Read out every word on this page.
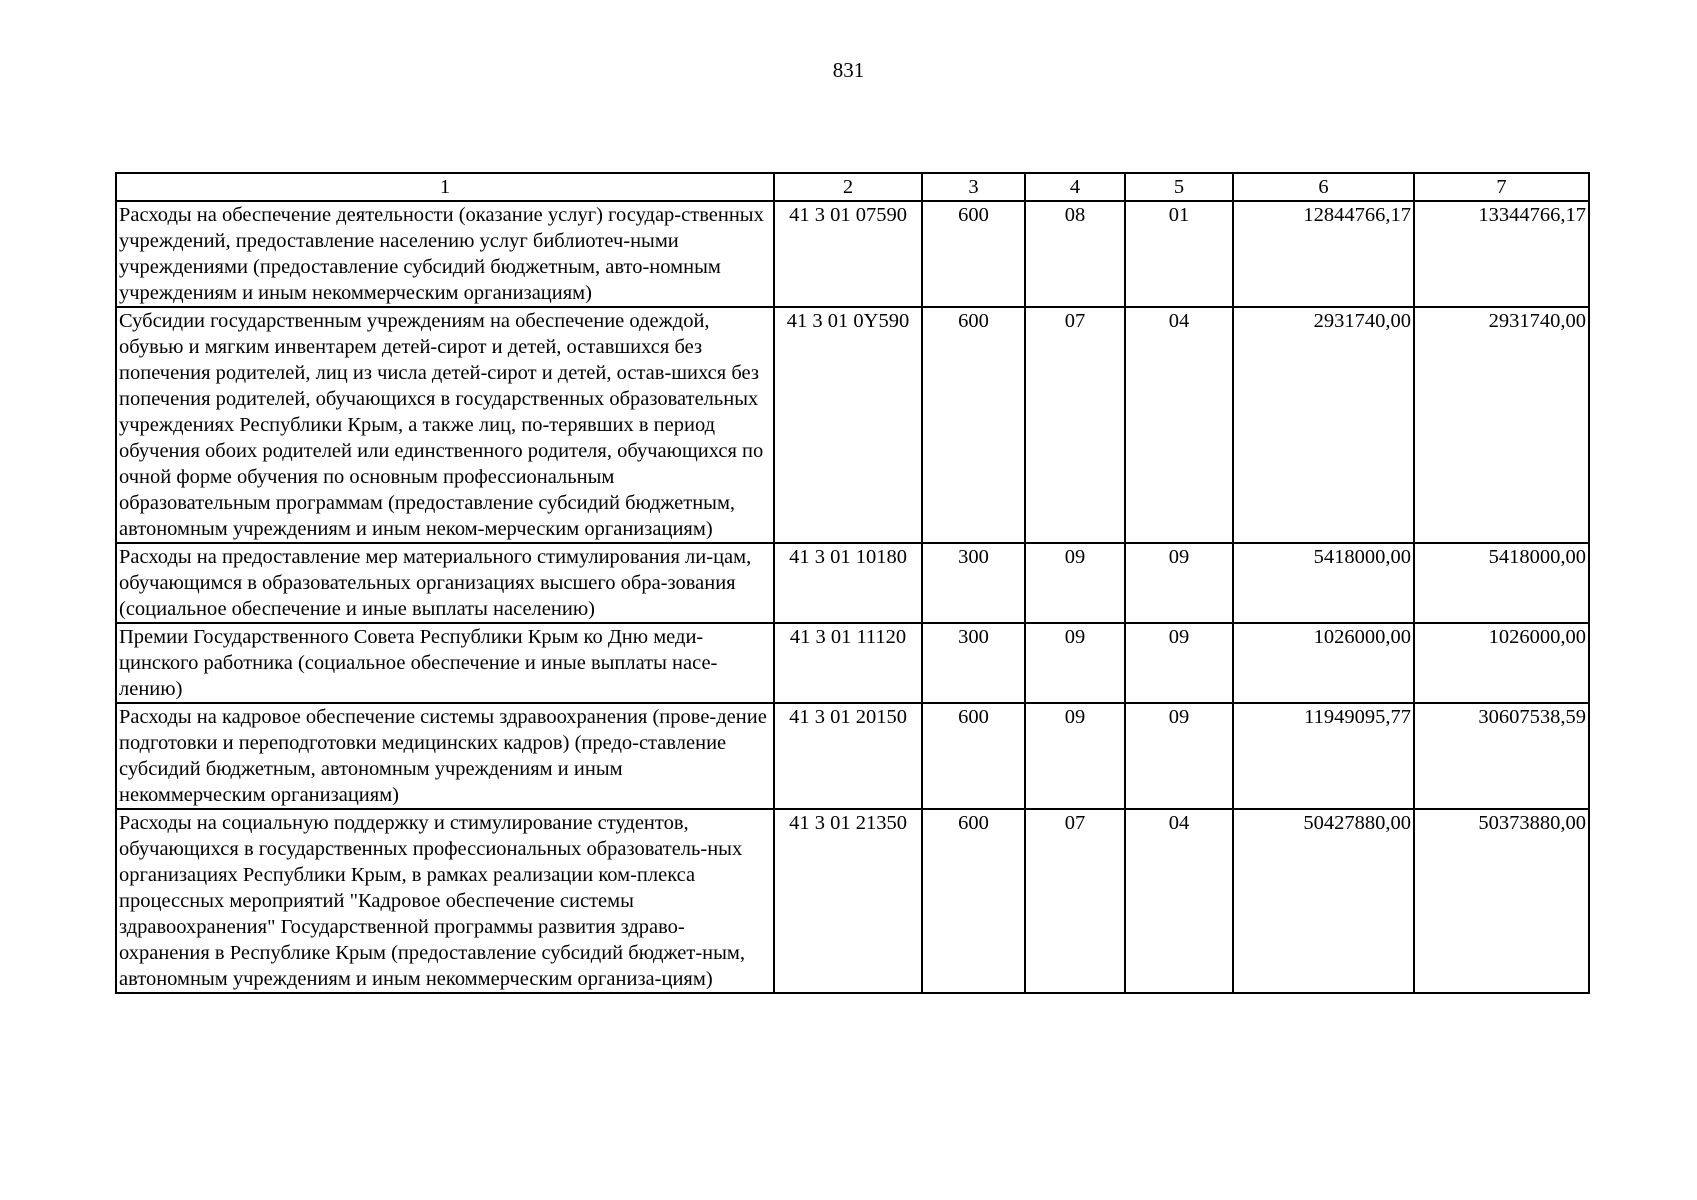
831
1	2	3	4	5	6	7
Расходы на обеспечение деятельности (оказание услуг) государ-ственных учреждений, предоставление населению услуг библиотеч-ными учреждениями (предоставление субсидий бюджетным, авто-номным учреждениям и иным некоммерческим организациям)	41 3 01 07590	600	08	01	12844766,17	13344766,17
Субсидии государственным учреждениям на обеспечение одеждой, обувью и мягким инвентарем детей-сирот и детей, оставшихся без попечения родителей, лиц из числа детей-сирот и детей, остав-шихся без попечения родителей, обучающихся в государственных образовательных учреждениях Республики Крым, а также лиц, по-терявших в период обучения обоих родителей или единственного родителя, обучающихся по очной форме обучения по основным профессиональным образовательным программам (предоставление субсидий бюджетным, автономным учреждениям и иным неком-мерческим организациям)	41 3 01 0Y590	600	07	04	2931740,00	2931740,00
Расходы на предоставление мер материального стимулирования ли-цам, обучающимся в образовательных организациях высшего обра-зования (социальное обеспечение и иные выплаты населению)	41 3 01 10180	300	09	09	5418000,00	5418000,00
Премии Государственного Совета Республики Крым ко Дню меди-цинского работника (социальное обеспечение и иные выплаты насе-лению)	41 3 01 11120	300	09	09	1026000,00	1026000,00
Расходы на кадровое обеспечение системы здравоохранения (прове-дение подготовки и переподготовки медицинских кадров) (предо-ставление субсидий бюджетным, автономным учреждениям и иным некоммерческим организациям)	41 3 01 20150	600	09	09	11949095,77	30607538,59
Расходы на социальную поддержку и стимулирование студентов, обучающихся в государственных профессиональных образователь-ных организациях Республики Крым, в рамках реализации ком-плекса процессных мероприятий "Кадровое обеспечение системы здравоохранения" Государственной программы развития здраво-охранения в Республике Крым (предоставление субсидий бюджет-ным, автономным учреждениям и иным некоммерческим организа-циям)	41 3 01 21350	600	07	04	50427880,00	50373880,00
